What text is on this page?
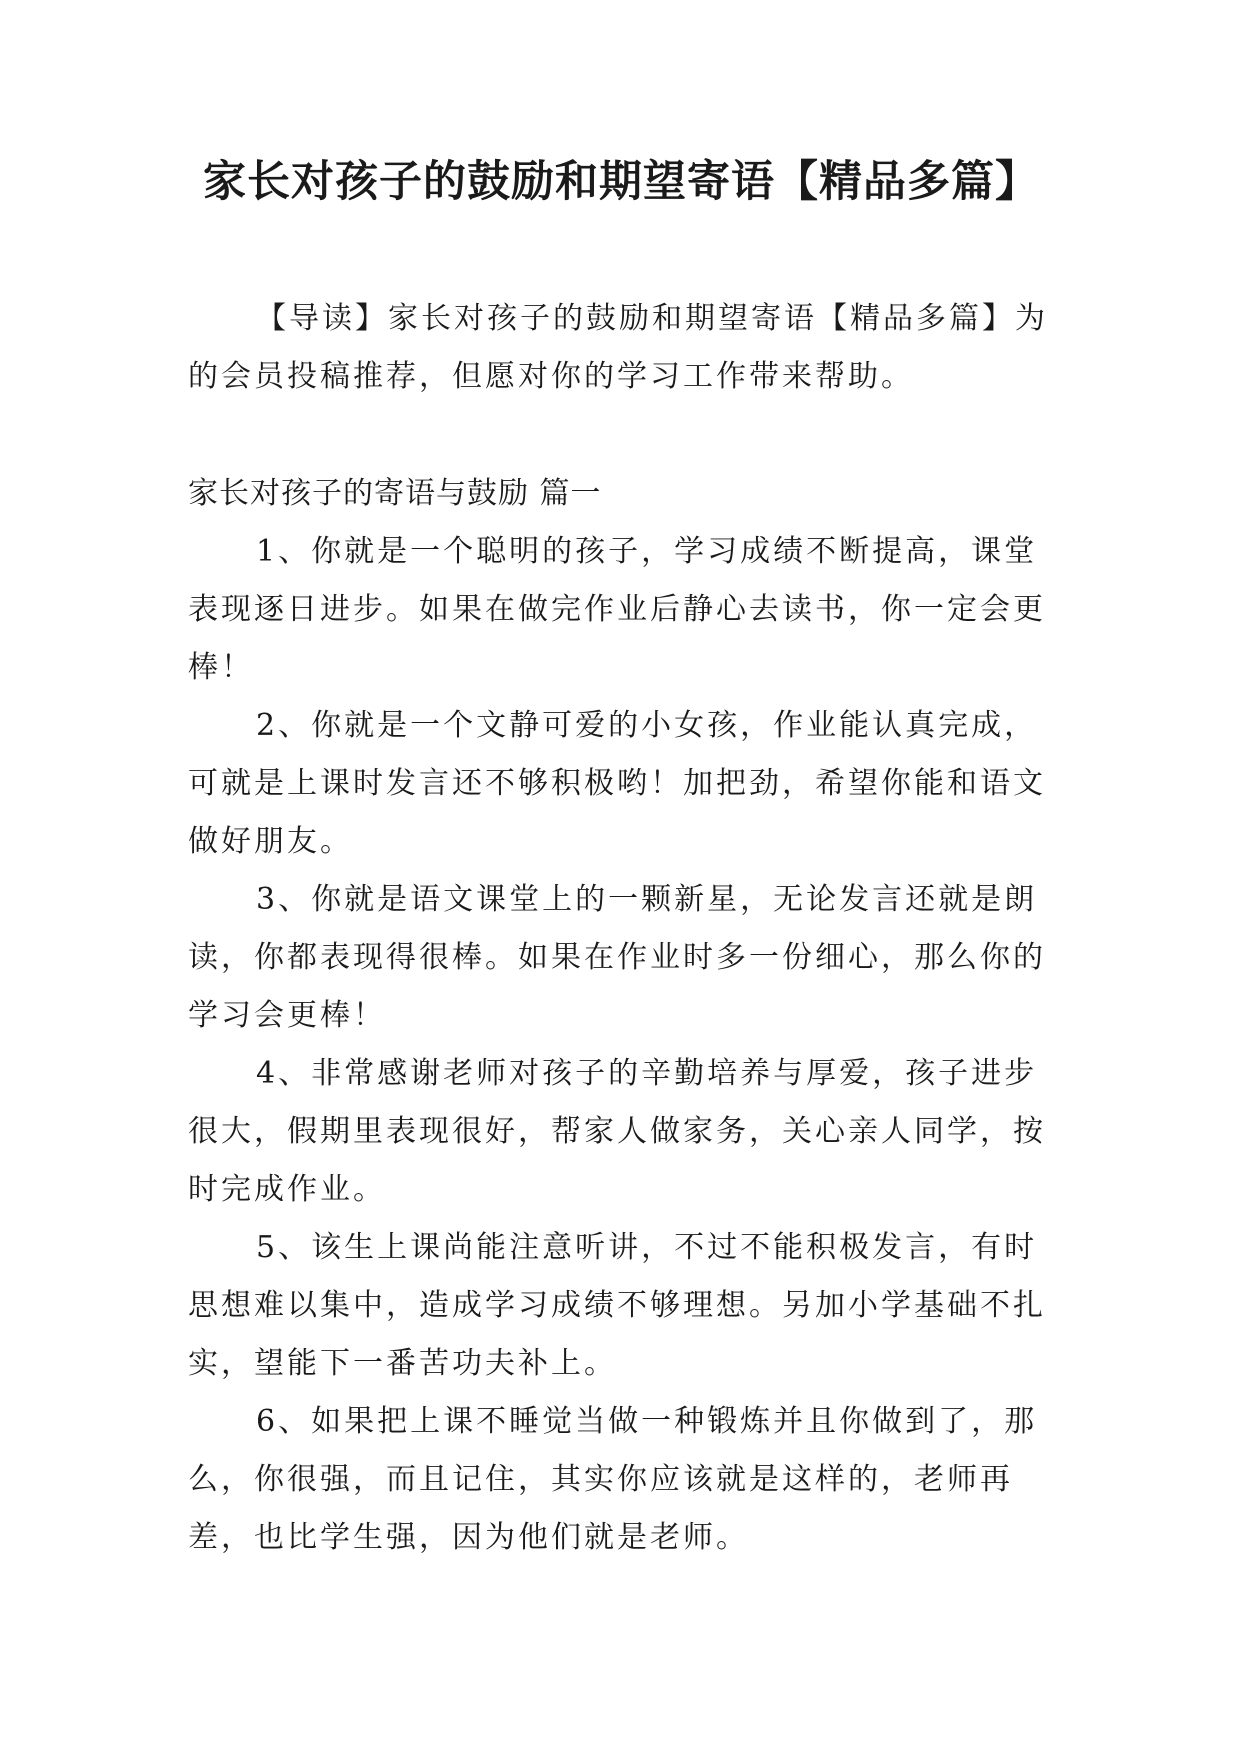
家长对孩子的鼓励和期望寄语【精品多篇】

【导读】家长对孩子的鼓励和期望寄语【精品多篇】为的会员投稿推荐，但愿对你的学习工作带来帮助。

家长对孩子的寄语与鼓励 篇一

1、你就是一个聪明的孩子，学习成绩不断提高，课堂表现逐日进步。如果在做完作业后静心去读书，你一定会更棒！

2、你就是一个文静可爱的小女孩，作业能认真完成，可就是上课时发言还不够积极哟！加把劲，希望你能和语文做好朋友。

3、你就是语文课堂上的一颗新星，无论发言还就是朗读，你都表现得很棒。如果在作业时多一份细心，那么你的学习会更棒！

4、非常感谢老师对孩子的辛勤培养与厚爱，孩子进步很大，假期里表现很好，帮家人做家务，关心亲人同学，按时完成作业。

5、该生上课尚能注意听讲，不过不能积极发言，有时思想难以集中，造成学习成绩不够理想。另加小学基础不扎实，望能下一番苦功夫补上。

6、如果把上课不睡觉当做一种锻炼并且你做到了，那么，你很强，而且记住，其实你应该就是这样的，老师再差，也比学生强，因为他们就是老师。
